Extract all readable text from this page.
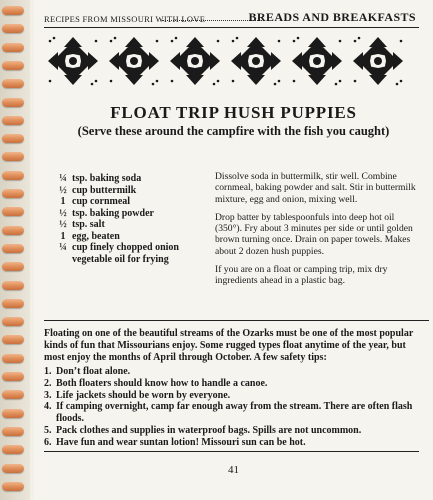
RECIPES FROM MISSOURI WITH LOVE	BREADS AND BREAKFASTS
FLOAT TRIP HUSH PUPPIES
(Serve these around the campfire with the fish you caught)
¼ tsp. baking soda
½ cup buttermilk
1 cup cornmeal
½ tsp. baking powder
½ tsp. salt
1 egg, beaten
¼ cup finely chopped onion
vegetable oil for frying

Dissolve soda in buttermilk, stir well. Combine cornmeal, baking powder and salt. Stir in buttermilk mixture, egg and onion, mixing well.

Drop batter by tablespoonfuls into deep hot oil (350°). Fry about 3 minutes per side or until golden brown turning once. Drain on paper towels. Makes about 2 dozen hush puppies.

If you are on a float or camping trip, mix dry ingredients ahead in a plastic bag.

Floating on one of the beautiful streams of the Ozarks must be one of the most popular kinds of fun that Missourians enjoy. Some rugged types float anytime of the year, but most enjoy the months of April through October. A few safety tips:

1. Don’t float alone.
2. Both floaters should know how to handle a canoe.
3. Life jackets should be worn by everyone.
4. If camping overnight, camp far enough away from the stream. There are often flash floods.
5. Pack clothes and supplies in waterproof bags. Spills are not uncommon.
6. Have fun and wear suntan lotion! Missouri sun can be hot.
41
